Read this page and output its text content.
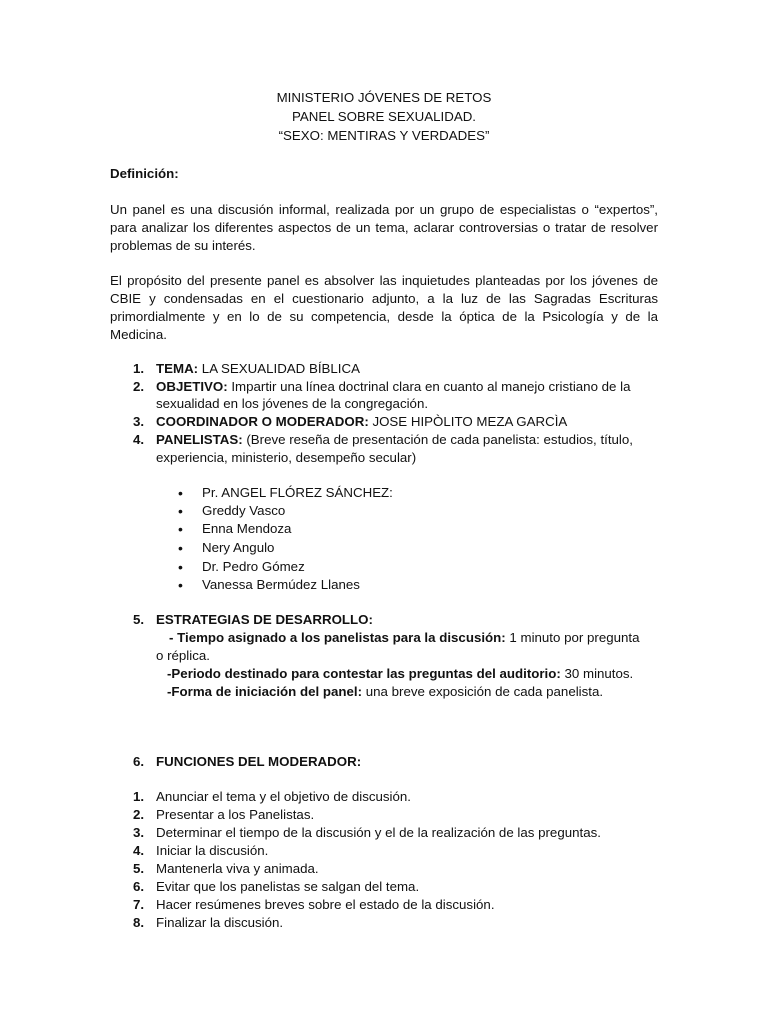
MINISTERIO JÓVENES DE RETOS
PANEL SOBRE SEXUALIDAD.
“SEXO: MENTIRAS Y VERDADES”
Definición:
Un panel es una discusión informal, realizada por un grupo de especialistas o “expertos”, para analizar los diferentes aspectos de un tema, aclarar controversias o tratar de resolver problemas de su interés.
El propósito del presente panel es absolver las inquietudes planteadas por los jóvenes de CBIE y condensadas en el cuestionario adjunto, a la luz de las Sagradas Escrituras primordialmente y en lo de su competencia, desde la óptica de la Psicología y de la Medicina.
1. TEMA: LA SEXUALIDAD BÍBLICA
2. OBJETIVO: Impartir una línea doctrinal clara en cuanto al manejo cristiano de la
sexualidad en los jóvenes de la congregación.
3. COORDINADOR O MODERADOR: JOSE HIPÒLITO MEZA GARCÌA
4. PANELISTAS: (Breve reseña de presentación de cada panelista: estudios, título,
experiencia, ministerio, desempeño secular)
• Pr. ANGEL FLÓREZ SÁNCHEZ:
• Greddy Vasco
• Enna Mendoza
• Nery Angulo
• Dr. Pedro Gómez
• Vanessa Bermúdez Llanes
5. ESTRATEGIAS DE DESARROLLO:
- Tiempo asignado a los panelistas para la discusión: 1 minuto por pregunta
o réplica.
-Periodo destinado para contestar las preguntas del auditorio: 30 minutos.
-Forma de iniciación del panel: una breve exposición de cada panelista.
6. FUNCIONES DEL MODERADOR:
1. Anunciar el tema y el objetivo de discusión.
2. Presentar a los Panelistas.
3. Determinar el tiempo de la discusión y el de la realización de las preguntas.
4. Iniciar la discusión.
5. Mantenerla viva y animada.
6. Evitar que los panelistas se salgan del tema.
7. Hacer resúmenes breves sobre el estado de la discusión.
8. Finalizar la discusión.
